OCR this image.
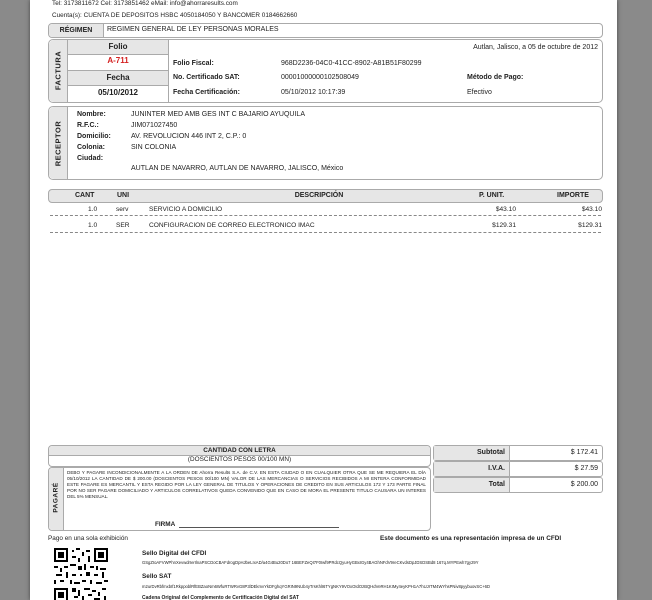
Tel: 3173811672 Cel: 3173851462 eMail: info@ahorraresults.com
Cuenta(s): CUENTA DE DEPOSITOS HSBC 4050184050 Y BANCOMER 0184662660
RÉGIMEN	REGIMEN GENERAL DE LEY PERSONAS MORALES
FACTURA
Folio
A-711
Fecha
05/10/2012
Autlan, Jalisco, a 05 de octubre de 2012
Folio Fiscal:	968D2236-04C0-41CC-8902-A81B51F80299
No. Certificado SAT:	00001000000102508049	Método de Pago:
Fecha Certificación:	05/10/2012 10:17:39	Efectivo
RECEPTOR
Nombre:	JUNINTER MED AMB GES INT C BAJARIO AYUQUILA
R.F.C.:	JIM071027450
Domicilio:	AV. REVOLUCION 446 INT 2, C.P.: 0
Colonia:	SIN COLONIA
Ciudad:
AUTLAN DE NAVARRO, AUTLAN DE NAVARRO, JALISCO, México
CANT	UNI	DESCRIPCIÓN	P. UNIT.	IMPORTE
1.0	serv	SERVICIO A DOMICILIO	$43.10	$43.10
1.0	SER	CONFIGURACION DE CORREO ELECTRONICO IMAC	$129.31	$129.31
CANTIDAD CON LETRA
(DOSCIENTOS PESOS 00/100 MN)
Subtotal	$ 172.41
I.V.A.	$ 27.59
Total	$ 200.00
PAGARÉ
DEBO Y PAGARE INCONDICIONALMENTE A LA ORDEN DE Ahorra Results S.A. de C.V. EN ESTA CIUDAD O EN CUALQUIER OTRA QUE SE ME REQUIERA EL DÍA 05/10/2012 LA CANTIDAD DE $ 200.00 (DOSCIENTOS PESOS 00/100 MN) VALOR DE LAS MERCANCIAS O SERVICIOS RECIBIDOS A MI ENTERA CONFORMIDAD ESTE PAGARE ES MERCANTIL Y ESTA REGIDO POR LA LEY GENERAL DE TITULOS Y OPERACIONES DE CREDITO EN SUS ARTICULOS 172 Y 173 PARTE FINAL POR NO SER PAGARE DOMICILIADO Y ARTICULOS CORRELATIVOS QUEDA CONVENIDO QUE EN CASO DE MORA EL PRESENTE TITULO CAUSARA UN INTERES DEL 5% MENSUAL.
FIRMA
Pago en una sola exhibición	Este documento es una representación impresa de un CFDI
Sello Digital del CFDI
GSgZIoAFVWPhnXevwdrIerIlnaPSCDoCBAFdrogDpHJbeLIxAD/a4G4Bu20Do7 16BEFZeQI7F0Iwf9PRdcQyuHyGBxIGy4BAGhNFdV9reCKvdsDpJDSDSBd8 167q.MYPEwh7gy29Y
Sello SAT
m2urDvRbfmxbIf1RkppoblRfEBZaoNm6WfuRTWRvG8P3lDEkmvYkDFghqYGRIN9NUb4yTrsKhlI6TYgNKY9VOxOIdOzBQHdVeRH1KIMy4eyKPH1A7hUJrTM4WYhsPNiv8pyybuovSC+6D
Cadena Original del Complemento de Certificación Digital del SAT
